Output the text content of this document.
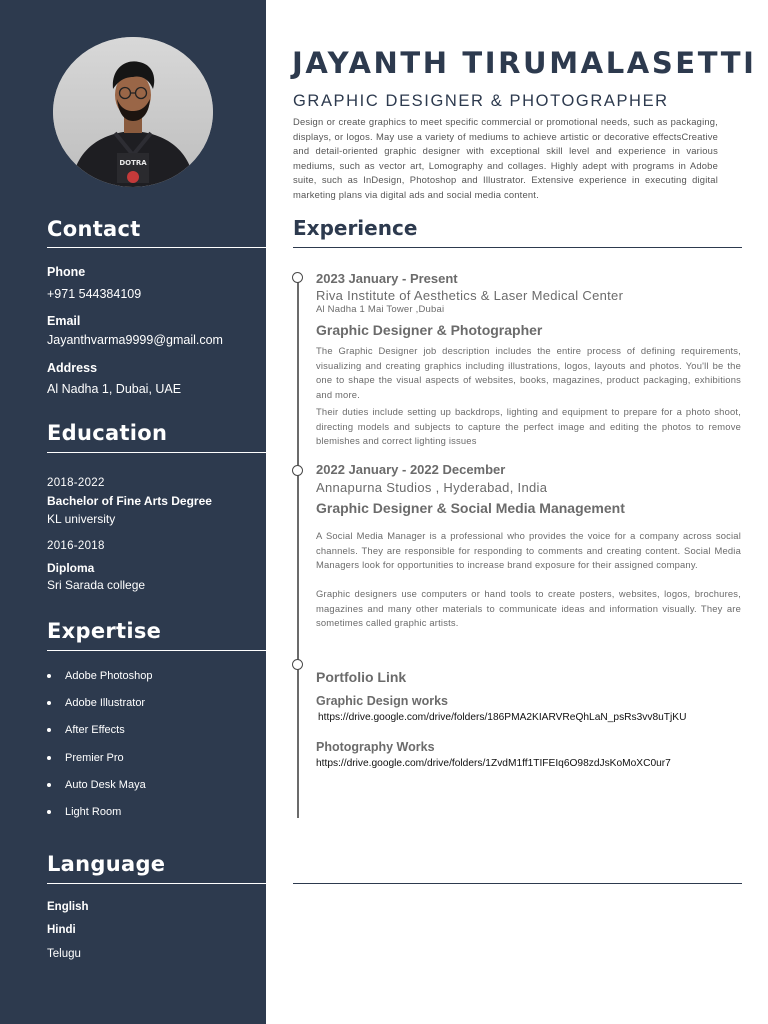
DOTRA
Contact
Phone
+971 544384109
Email
Jayanthvarma9999@gmail.com
Address
Al Nadha 1, Dubai, UAE
Education
2018-2022
Bachelor of Fine Arts Degree
KL university
2016-2018
Diploma
Sri Sarada college
Expertise
Adobe Photoshop
Adobe Illustrator
After Effects
Premier Pro
Auto Desk Maya
Light Room
Language
English
Hindi
Telugu
JAYANTH TIRUMALASETTI
GRAPHIC DESIGNER & PHOTOGRAPHER

Design or create graphics to meet specific commercial or promotional needs, such as packaging, displays, or logos. May use a variety of mediums to achieve artistic or decorative effectsCreative and detail-oriented graphic designer with exceptional skill level and experience in various mediums, such as vector art, Lomography and collages. Highly adept with programs in Adobe suite, such as InDesign, Photoshop and Illustrator. Extensive experience in executing digital marketing plans via digital ads and social media content.

Experience
2023 January - Present
Riva Institute of Aesthetics & Laser Medical Center
Al Nadha 1 Mai Tower ,Dubai
Graphic Designer & Photographer

The Graphic Designer job description includes the entire process of defining requirements, visualizing and creating graphics including illustrations, logos, layouts and photos. You'll be the one to shape the visual aspects of websites, books, magazines, product packaging, exhibitions and more.

Their duties include setting up backdrops, lighting and equipment to prepare for a photo shoot, directing models and subjects to capture the perfect image and editing the photos to remove blemishes and correct lighting issues

2022 January - 2022 December
Annapurna Studios , Hyderabad, India
Graphic Designer & Social Media Management

A Social Media Manager is a professional who provides the voice for a company across social channels. They are responsible for responding to comments and creating content. Social Media Managers look for opportunities to increase brand exposure for their assigned company.

Graphic designers use computers or hand tools to create posters, websites, logos, brochures, magazines and many other materials to communicate ideas and information visually. They are sometimes called graphic artists.

Portfolio Link
Graphic Design works
https://drive.google.com/drive/folders/186PMA2KIARVReQhLaN_psRs3vv8uTjKU
Photography Works
https://drive.google.com/drive/folders/1ZvdM1ff1TIFEIq6O98zdJsKoMoXC0ur7
